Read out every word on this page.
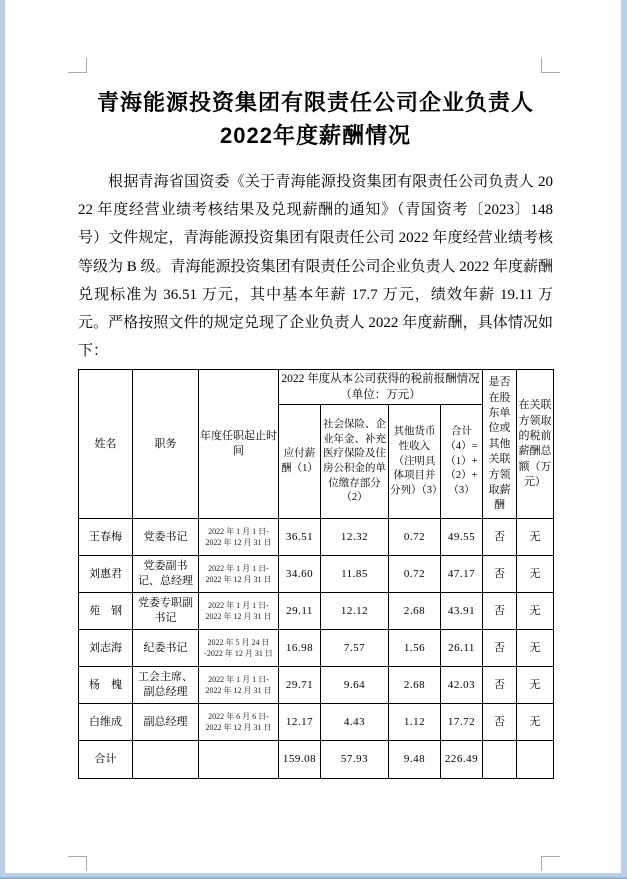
青海能源投资集团有限责任公司企业负责人
2022年度薪酬情况

根据青海省国资委《关于青海能源投资集团有限责任公司负责人 2022 年度经营业绩考核结果及兑现薪酬的通知》（青国资考〔2023〕148 号）文件规定，青海能源投资集团有限责任公司 2022 年度经营业绩考核等级为 B 级。青海能源投资集团有限责任公司企业负责人 2022 年度薪酬兑现标准为 36.51 万元，其中基本年薪 17.7 万元，绩效年薪 19.11 万元。严格按照文件的规定兑现了企业负责人 2022 年度薪酬，具体情况如下：

姓名	职务	年度任职起止时间	2022 年度从本公司获得的税前报酬情况
（单位：万元）				是否在股东单位或其他关联方领取薪酬	在关联方领取的税前薪酬总额（万元）
			应付薪酬（1）	社会保险、企业年金、补充医疗保险及住房公积金的单位缴存部分（2）	其他货币性收入（注明具体项目并分列）（3）	合计（4）=（1）+（2）+（3）		
王春梅	党委书记	2022 年 1 月 1 日-
2022 年 12 月 31 日	36.51	12.32	0.72	49.55	否	无
刘惠君	党委副书记、总经理	2022 年 1 月 1 日-
2022 年 12 月 31 日	34.60	11.85	0.72	47.17	否	无
苑　钢	党委专职副书记	2022 年 1 月 1 日-
2022 年 12 月 31 日	29.11	12.12	2.68	43.91	否	无
刘志海	纪委书记	2022 年 5 月 24 日
-2022 年 12 月 31 日	16.98	7.57	1.56	26.11	否	无
杨　槐	工会主席、副总经理	2022 年 1 月 1 日-
2022 年 12 月 31 日	29.71	9.64	2.68	42.03	否	无
白维成	副总经理	2022 年 6 月 6 日-
2022 年 12 月 31 日	12.17	4.43	1.12	17.72	否	无
合计			159.08	57.93	9.48	226.49		
